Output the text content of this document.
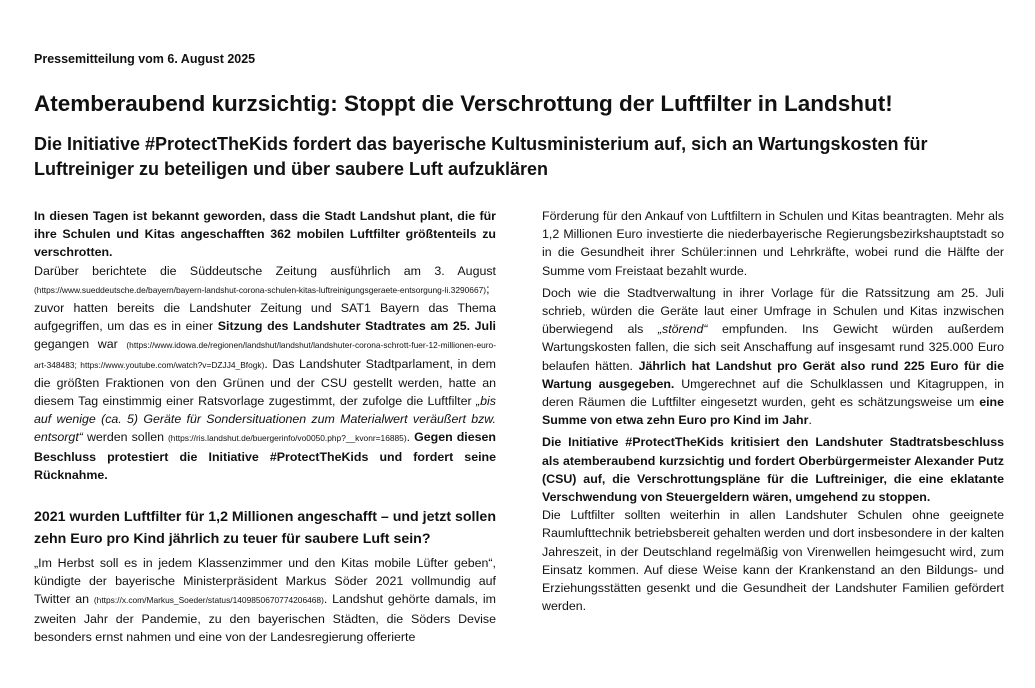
Pressemitteilung vom 6. August 2025

Atemberaubend kurzsichtig: Stoppt die Verschrottung der Luftfilter in Landshut!
Die Initiative #ProtectTheKids fordert das bayerische Kultusministerium auf, sich an Wartungskosten für Luftreiniger zu beteiligen und über saubere Luft aufzuklären

In diesen Tagen ist bekannt geworden, dass die Stadt Landshut plant, die für ihre Schulen und Kitas angeschafften 362 mobilen Luftfilter größtenteils zu verschrotten.

Darüber berichtete die Süddeutsche Zeitung ausführlich am 3. August (https://www.sueddeutsche.de/bayern/bayern-landshut-corona-schulen-kitas-luftreinigungsgeraete-entsorgung-li.3290667); zuvor hatten bereits die Landshuter Zeitung und SAT1 Bayern das Thema aufgegriffen, um das es in einer Sitzung des Landshuter Stadtrates am 25. Juli gegangen war (https://www.idowa.de/regionen/landshut/landshut/landshuter-corona-schrott-fuer-12-millionen-euro-art-348483; https://www.youtube.com/watch?v=DZJJ4_Bfogk). Das Landshuter Stadtparlament, in dem die größten Fraktionen von den Grünen und der CSU gestellt werden, hatte an diesem Tag einstimmig einer Ratsvorlage zugestimmt, der zufolge die Luftfilter „bis auf wenige (ca. 5) Geräte für Sondersituationen zum Materialwert veräußert bzw. entsorgt“ werden sollen (https://ris.landshut.de/buergerinfo/vo0050.php?__kvonr=16885). Gegen diesen Beschluss protestiert die Initiative #ProtectTheKids und fordert seine Rücknahme.

2021 wurden Luftfilter für 1,2 Millionen angeschafft – und jetzt sollen zehn Euro pro Kind jährlich zu teuer für saubere Luft sein?

„Im Herbst soll es in jedem Klassenzimmer und den Kitas mobile Lüfter geben“, kündigte der bayerische Ministerpräsident Markus Söder 2021 vollmundig auf Twitter an (https://x.com/Markus_Soeder/status/1409850670774206468). Landshut gehörte damals, im zweiten Jahr der Pandemie, zu den bayerischen Städten, die Söders Devise besonders ernst nahmen und eine von der Landesregierung offerierte

Förderung für den Ankauf von Luftfiltern in Schulen und Kitas beantragten. Mehr als 1,2 Millionen Euro investierte die niederbayerische Regierungsbezirkshauptstadt so in die Gesundheit ihrer Schüler:innen und Lehrkräfte, wobei rund die Hälfte der Summe vom Freistaat bezahlt wurde.

Doch wie die Stadtverwaltung in ihrer Vorlage für die Ratssitzung am 25. Juli schrieb, würden die Geräte laut einer Umfrage in Schulen und Kitas inzwischen überwiegend als „störend“ empfunden. Ins Gewicht würden außerdem Wartungskosten fallen, die sich seit Anschaffung auf insgesamt rund 325.000 Euro belaufen hätten. Jährlich hat Landshut pro Gerät also rund 225 Euro für die Wartung ausgegeben. Umgerechnet auf die Schulklassen und Kitagruppen, in deren Räumen die Luftfilter eingesetzt wurden, geht es schätzungsweise um eine Summe von etwa zehn Euro pro Kind im Jahr.

Die Initiative #ProtectTheKids kritisiert den Landshuter Stadtratsbeschluss als atemberaubend kurzsichtig und fordert Oberbürgermeister Alexander Putz (CSU) auf, die Verschrottungspläne für die Luftreiniger, die eine eklatante Verschwendung von Steuergeldern wären, umgehend zu stoppen.

Die Luftfilter sollten weiterhin in allen Landshuter Schulen ohne geeignete Raumlufttechnik betriebsbereit gehalten werden und dort insbesondere in der kalten Jahreszeit, in der Deutschland regelmäßig von Virenwellen heimgesucht wird, zum Einsatz kommen. Auf diese Weise kann der Krankenstand an den Bildungs- und Erziehungsstätten gesenkt und die Gesundheit der Landshuter Familien gefördert werden.
